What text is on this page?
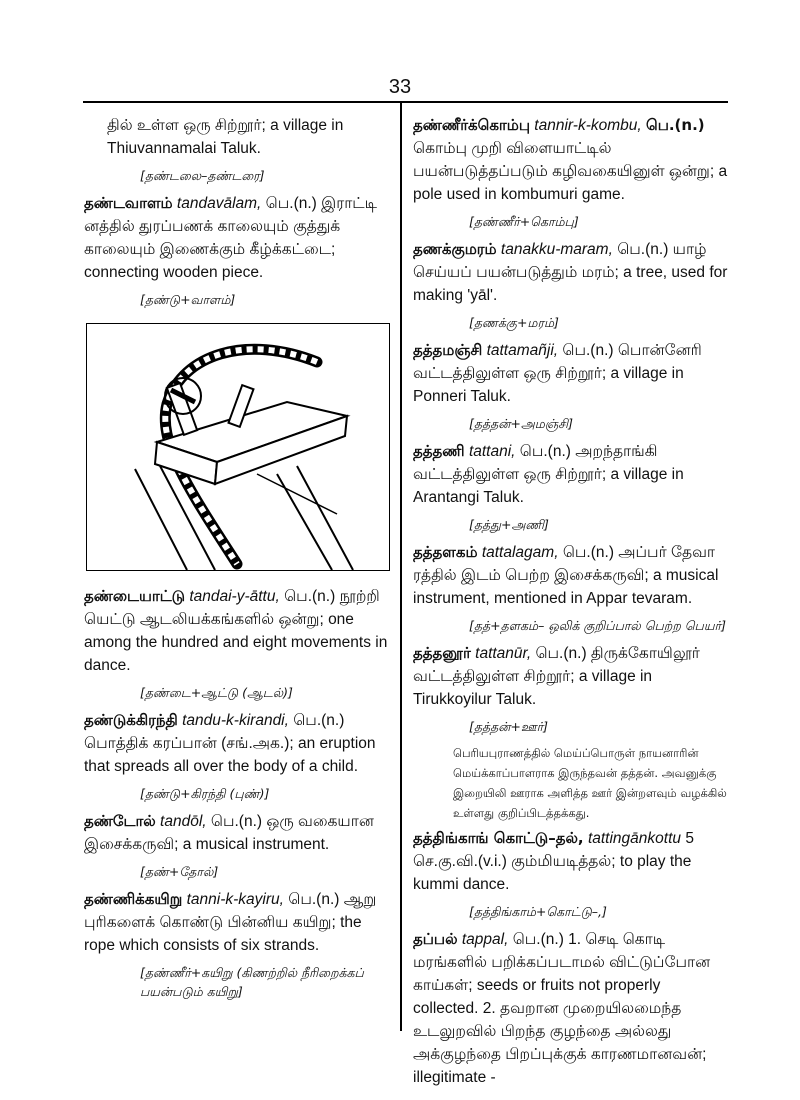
33
தில் உள்ள ஒரு சிற்றூர்; a village in Thiuvannamalai Taluk.
[தண்டலை–தண்டரை]
தண்டவாளம் tandavālam, பெ.(n.) இராட்டி னத்தில் துரப்பணக் காலையும் குத்துக் காலையும் இணைக்கும் கீழ்க்கட்டை; connecting wooden piece.
[தண்டு+வாளம்]
தண்டையாட்டு tandai-y-āttu, பெ.(n.) நூற்றி யெட்டு ஆடலியக்கங்களில் ஒன்று; one among the hundred and eight movements in dance.
[தண்டை+ஆட்டு (ஆடல்)]
தண்டுக்கிரந்தி tandu-k-kirandi, பெ.(n.) பொத்திக் கரப்பான் (சங்.அக.); an eruption that spreads all over the body of a child.
[தண்டு+கிரந்தி (புண்)]
தண்டோல் tandōl, பெ.(n.) ஒரு வகையான இசைக்கருவி; a musical instrument.
[தண்+தோல்]
தண்ணிக்கயிறு tanni-k-kayiru, பெ.(n.) ஆறு புரிகளைக் கொண்டு பின்னிய கயிறு; the rope which consists of six strands.
[தண்ணீர்+கயிறு (கிணற்றில் நீரிறைக்கப் பயன்படும் கயிறு]
தண்ணீர்க்கொம்பு tannir-k-kombu, பெ.(n.) கொம்பு முறி விளையாட்டில் பயன்படுத்தப்படும் கழிவகையினுள் ஒன்று; a pole used in kombumuri game.
[தண்ணீர்+கொம்பு]
தணக்குமரம் tanakku-maram, பெ.(n.) யாழ் செய்யப் பயன்படுத்தும் மரம்; a tree, used for making 'yāl'.
[தணக்கு+மரம்]
தத்தமஞ்சி tattamañji, பெ.(n.) பொன்னேரி வட்டத்திலுள்ள ஒரு சிற்றூர்; a village in Ponneri Taluk.
[தத்தன்+அமஞ்சி]
தத்தணி tattani, பெ.(n.) அறந்தாங்கி வட்டத்திலுள்ள ஒரு சிற்றூர்; a village in Arantangi Taluk.
[தத்து+அணி]
தத்தளகம் tattalagam, பெ.(n.) அப்பர் தேவா ரத்தில் இடம் பெற்ற இசைக்கருவி; a musical instrument, mentioned in Appar tevaram.
[தத்+தளகம்– ஒலிக் குறிப்பால் பெற்ற பெயர்]
தத்தனூர் tattanūr, பெ.(n.) திருக்கோயிலூர் வட்டத்திலுள்ள சிற்றூர்; a village in Tirukkoyilur Taluk.
[தத்தன்+ஊர்]
பெரியபுராணத்தில் மெய்ப்பொருள் நாயனாரின் மெய்க்காப்பாளராக இருந்தவன் தத்தன். அவனுக்கு இறையிலி ஊராக அளித்த ஊர் இன்றளவும் வழக்கில் உள்ளது குறிப்பிடத்தக்கது.
தத்திங்காங் கொட்டு–தல், tattingānkottu 5 செ.கு.வி.(v.i.) கும்மியடித்தல்; to play the kummi dance.
[தத்திங்காம்+கொட்டு–,]
தப்பல் tappal, பெ.(n.) 1. செடி கொடி மரங்களில் பறிக்கப்படாமல் விட்டுப்போன காய்கள்; seeds or fruits not properly collected. 2. தவறான முறையிலமைந்த உடலுறவில் பிறந்த குழந்தை அல்லது அக்குழந்தை பிறப்புக்குக் காரணமானவன்; illegitimate -
